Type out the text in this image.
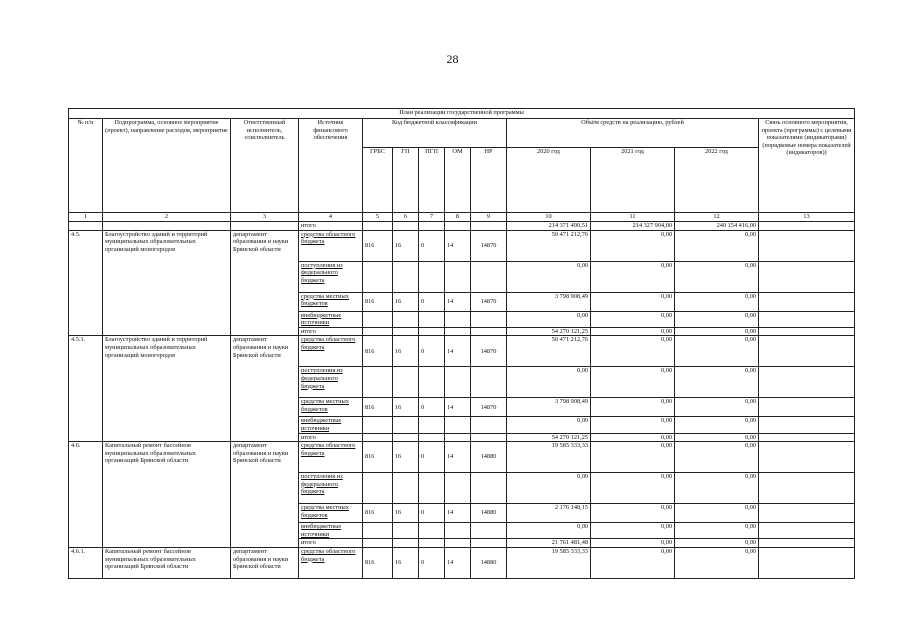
28
План реализации государственной программы												
№ п/п	Подпрограмма, основное мероприятие (проект), направление расходов, мероприятие	Ответственный исполнитель, соисполнитель	Источник финансового обеспечения	Код бюджетной классификации					Объём средств на реализацию, рублей			Связь основного мероприятия, проекта (программы) с целевыми показателями (индикаторами) (порядковые номера показателей (индикаторов))
				ГРБС	ГП	ПГП	ОМ	НР	2020 год	2021 год	2022 год	
1	2	3	4	5	6	7	8	9	10	11	12	13
			итого						214 371 490,51	214 327 904,00	240 154 416,00	
4.5.	Благоустройство зданий и территорий муниципальных образовательных организаций моногородов	департамент образования и науки Брянской области	средства областного бюджета	816	16	0	14	14870	50 471 212,76	0,00	0,00	
			поступления из федерального бюджета						0,00	0,00	0,00	
			средства местных бюджетов	816	16	0	14	14870	3 798 908,49	0,00	0,00	
			внебюджетные источники						0,00	0,00	0,00	
			итого						54 270 121,25	0,00	0,00	
4.5.1.	Благоустройство зданий и территорий муниципальных образовательных организаций моногородов	департамент образования и науки Брянской области	средства областного бюджета	816	16	0	14	14870	50 471 212,76	0,00	0,00	
			поступления из федерального бюджета						0,00	0,00	0,00	
			средства местных бюджетов	816	16	0	14	14870	3 798 908,49	0,00	0,00	
			внебюджетные источники						0,00	0,00	0,00	
			итого						54 270 121,25	0,00	0,00	
4.6.	Капитальный ремонт бассейнов муниципальных образовательных организаций Брянской области	департамент образования и науки Брянской области	средства областного бюджета	816	16	0	14	14880	19 585 333,33	0,00	0,00	
			поступления из федерального бюджета						0,00	0,00	0,00	
			средства местных бюджетов	816	16	0	14	14880	2 176 148,15	0,00	0,00	
			внебюджетные источники						0,00	0,00	0,00	
			итого						21 761 481,48	0,00	0,00	
4.6.1.	Капитальный ремонт бассейнов муниципальных образовательных организаций Брянской области	департамент образования и науки Брянской области	средства областного бюджета	816	16	0	14	14880	19 585 333,33	0,00	0,00	
